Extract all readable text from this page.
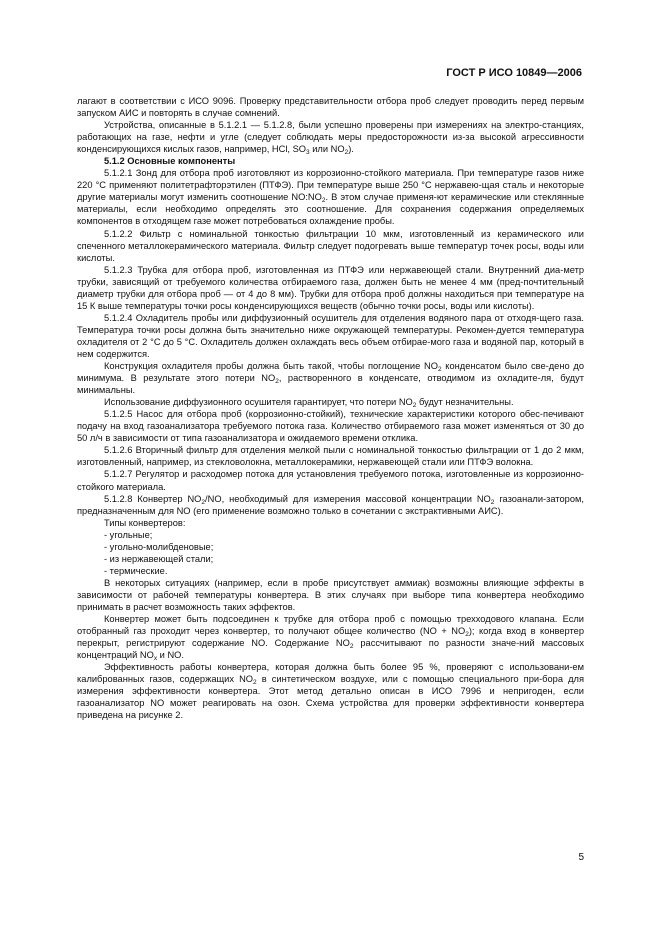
ГОСТ Р ИСО 10849—2006

лагают в соответствии с ИСО 9096. Проверку представительности отбора проб следует проводить перед первым запуском АИС и повторять в случае сомнений.

Устройства, описанные в 5.1.2.1 — 5.1.2.8, были успешно проверены при измерениях на электро-станциях, работающих на газе, нефти и угле (следует соблюдать меры предосторожности из-за высокой агрессивности конденсирующихся кислых газов, например, HCl, $SO_3$ или $NO_2$).

5.1.2 Основные компоненты

5.1.2.1 Зонд для отбора проб изготовляют из коррозионно-стойкого материала. При температуре газов ниже 220 °С применяют политетрафторэтилен (ПТФЭ). При температуре выше 250 °С нержавею-щая сталь и некоторые другие материалы могут изменить соотношение $NO:NO_2$. В этом случае применя-ют керамические или стеклянные материалы, если необходимо определять это соотношение. Для сохранения содержания определяемых компонентов в отходящем газе может потребоваться охлаждение пробы.

5.1.2.2 Фильтр с номинальной тонкостью фильтрации 10 мкм, изготовленный из керамического или спеченного металлокерамического материала. Фильтр следует подогревать выше температур точек росы, воды или кислоты.

5.1.2.3 Трубка для отбора проб, изготовленная из ПТФЭ или нержавеющей стали. Внутренний диа-метр трубки, зависящий от требуемого количества отбираемого газа, должен быть не менее 4 мм (пред-почтительный диаметр трубки для отбора проб — от 4 до 8 мм). Трубки для отбора проб должны находиться при температуре на 15 К выше температуры точки росы конденсирующихся веществ (обычно точки росы, воды или кислоты).

5.1.2.4 Охладитель пробы или диффузионный осушитель для отделения водяного пара от отходя-щего газа. Температура точки росы должна быть значительно ниже окружающей температуры. Рекомен-дуется температура охладителя от 2 °С до 5 °С. Охладитель должен охлаждать весь объем отбирае-мого газа и водяной пар, который в нем содержится.

Конструкция охладителя пробы должна быть такой, чтобы поглощение $NO_2$ конденсатом было све-дено до минимума. В результате этого потери $NO_2$, растворенного в конденсате, отводимом из охладите-ля, будут минимальны.

Использование диффузионного осушителя гарантирует, что потери $NO_2$ будут незначительны.

5.1.2.5 Насос для отбора проб (коррозионно-стойкий), технические характеристики которого обес-печивают подачу на вход газоанализатора требуемого потока газа. Количество отбираемого газа может изменяться от 30 до 50 л/ч в зависимости от типа газоанализатора и ожидаемого времени отклика.

5.1.2.6 Вторичный фильтр для отделения мелкой пыли с номинальной тонкостью фильтрации от 1 до 2 мкм, изготовленный, например, из стекловолокна, металлокерамики, нержавеющей стали или ПТФЭ волокна.

5.1.2.7 Регулятор и расходомер потока для установления требуемого потока, изготовленные из коррозионно-стойкого материала.

5.1.2.8 Конвертер $NO_2/NO$, необходимый для измерения массовой концентрации $NO_2$ газоанали-затором, предназначенным для NO (его применение возможно только в сочетании с экстрактивными АИС).

Типы конвертеров:

- угольные;

- угольно-молибденовые;

- из нержавеющей стали;

- термические.

В некоторых ситуациях (например, если в пробе присутствует аммиак) возможны влияющие эффекты в зависимости от рабочей температуры конвертера. В этих случаях при выборе типа конвертера необходимо принимать в расчет возможность таких эффектов.

Конвертер может быть подсоединен к трубке для отбора проб с помощью трехходового клапана. Если отобранный газ проходит через конвертер, то получают общее количество $(NO + NO_2)$; когда вход в конвертер перекрыт, регистрируют содержание NO. Содержание $NO_2$ рассчитывают по разности значе-ний массовых концентраций $NO_x$ и NO.

Эффективность работы конвертера, которая должна быть более 95 %, проверяют с использовани-ем калиброванных газов, содержащих $NO_2$ в синтетическом воздухе, или с помощью специального при-бора для измерения эффективности конвертера. Этот метод детально описан в ИСО 7996 и непригоден, если газоанализатор NO может реагировать на озон. Схема устройства для проверки эффективности конвертера приведена на рисунке 2.

5
